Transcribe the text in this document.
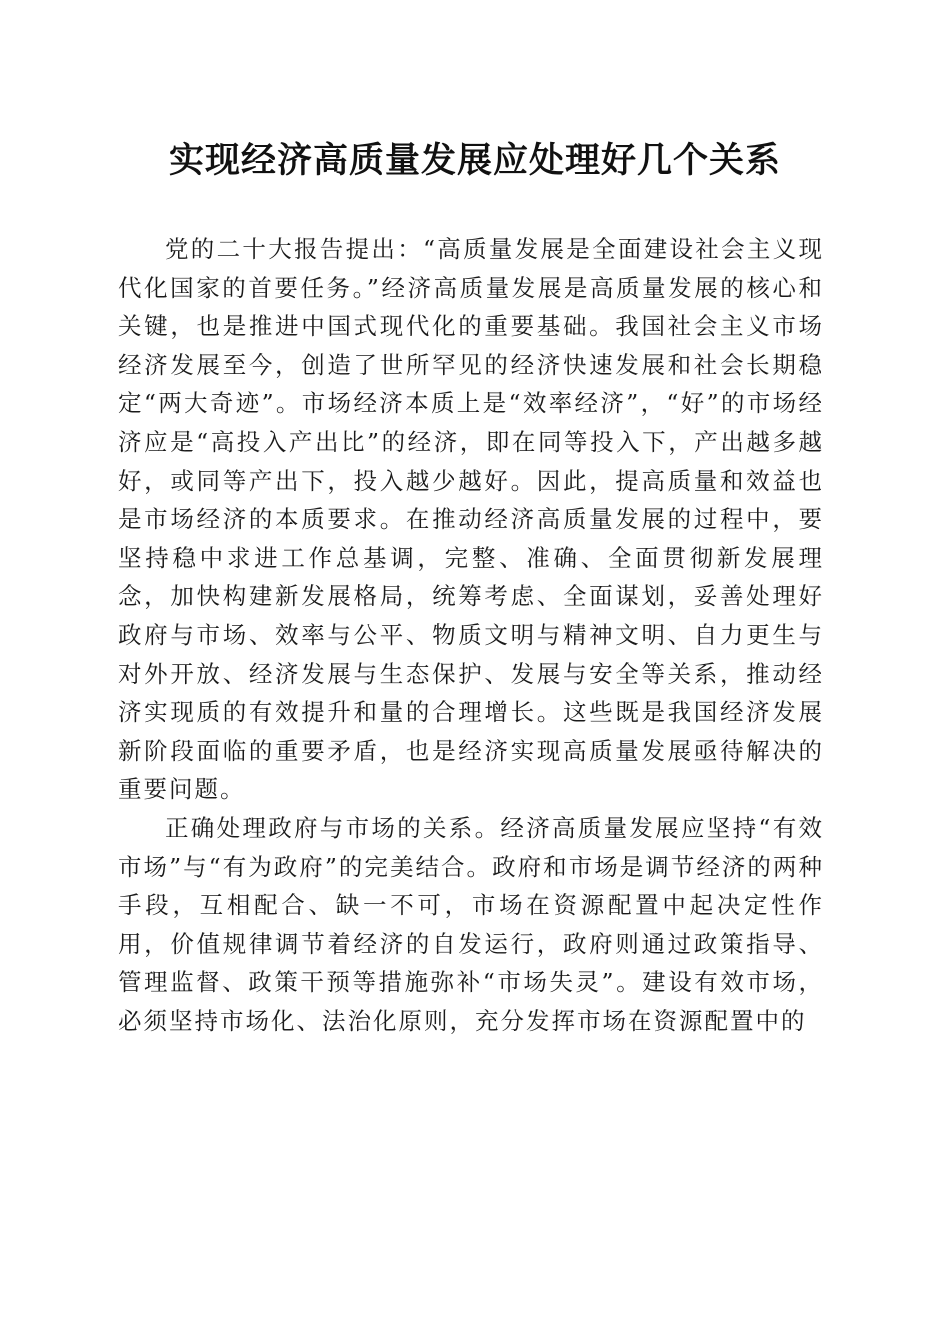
实现经济高质量发展应处理好几个关系

党的二十大报告提出：“高质量发展是全面建设社会主义现代化国家的首要任务。”经济高质量发展是高质量发展的核心和关键，也是推进中国式现代化的重要基础。我国社会主义市场经济发展至今，创造了世所罕见的经济快速发展和社会长期稳定“两大奇迹”。市场经济本质上是“效率经济”，“好”的市场经济应是“高投入产出比”的经济，即在同等投入下，产出越多越好，或同等产出下，投入越少越好。因此，提高质量和效益也是市场经济的本质要求。在推动经济高质量发展的过程中，要坚持稳中求进工作总基调，完整、准确、全面贯彻新发展理念，加快构建新发展格局，统筹考虑、全面谋划，妥善处理好政府与市场、效率与公平、物质文明与精神文明、自力更生与对外开放、经济发展与生态保护、发展与安全等关系，推动经济实现质的有效提升和量的合理增长。这些既是我国经济发展新阶段面临的重要矛盾，也是经济实现高质量发展亟待解决的重要问题。

正确处理政府与市场的关系。经济高质量发展应坚持“有效市场”与“有为政府”的完美结合。政府和市场是调节经济的两种手段，互相配合、缺一不可，市场在资源配置中起决定性作用，价值规律调节着经济的自发运行，政府则通过政策指导、管理监督、政策干预等措施弥补“市场失灵”。建设有效市场，必须坚持市场化、法治化原则，充分发挥市场在资源配置中的
